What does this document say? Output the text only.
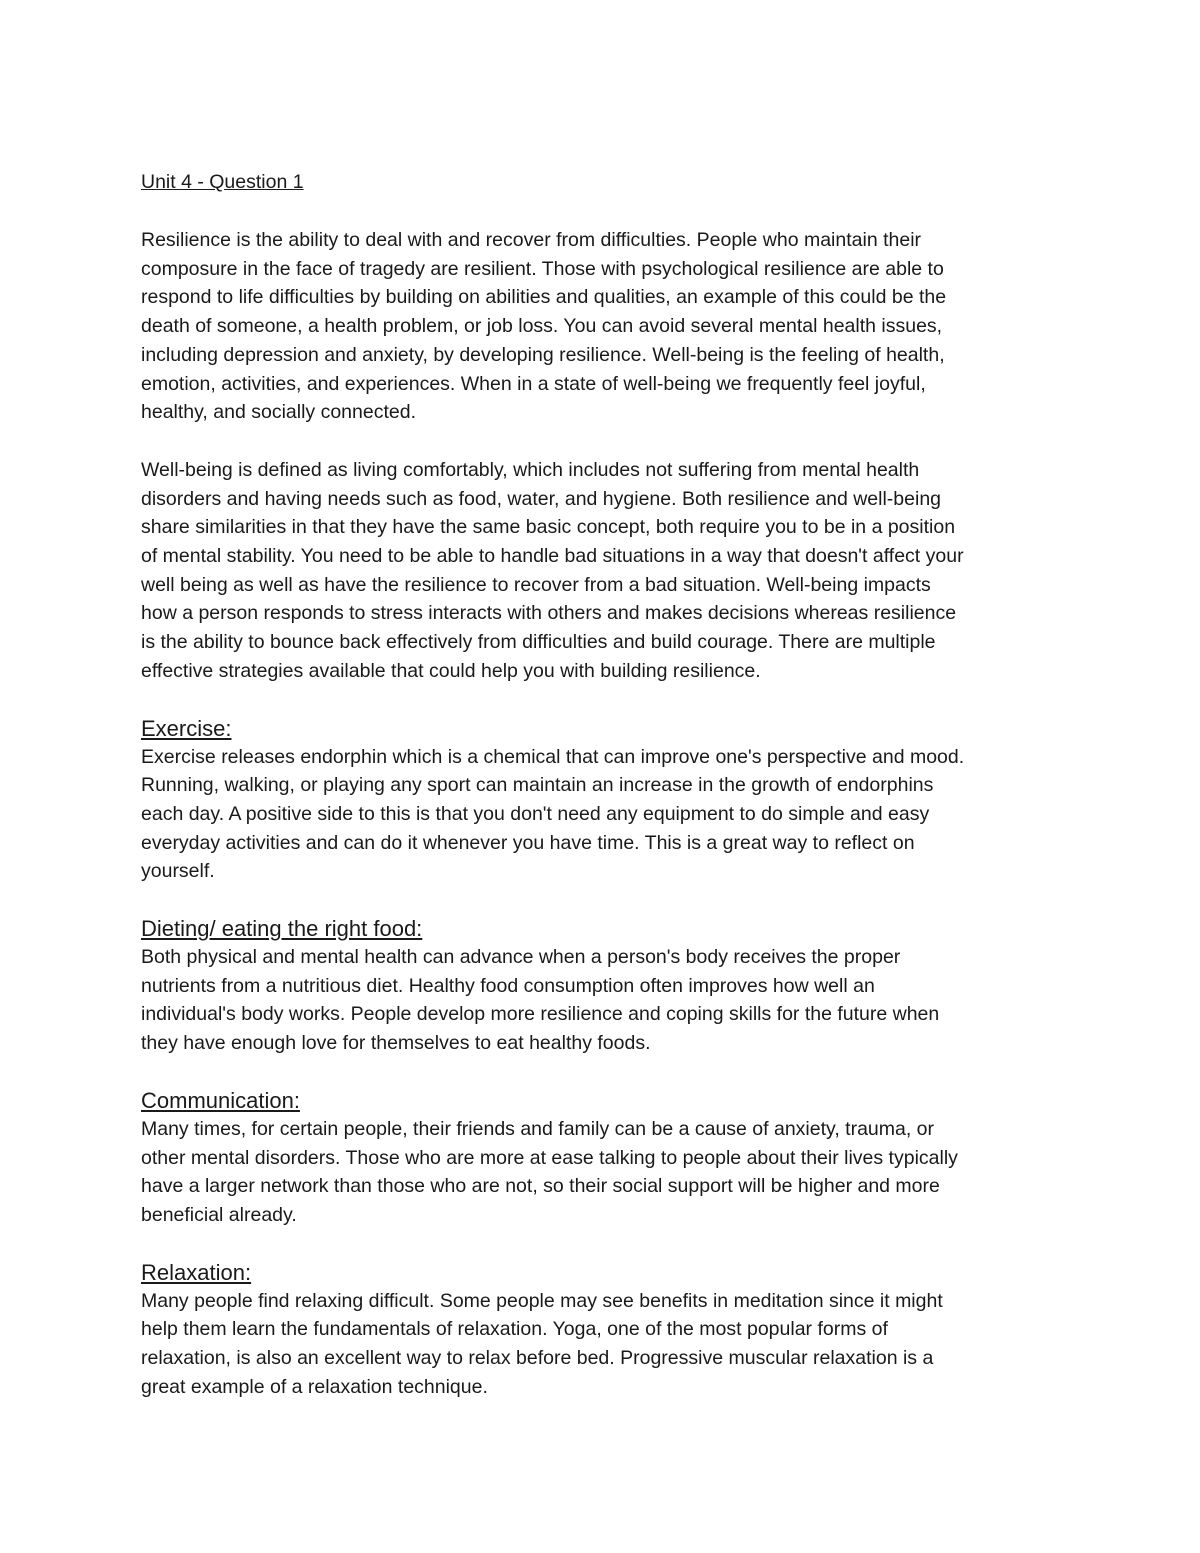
Unit 4 - Question 1

Resilience is the ability to deal with and recover from difficulties. People who maintain their
composure in the face of tragedy are resilient. Those with psychological resilience are able to
respond to life difficulties by building on abilities and qualities, an example of this could be the
death of someone, a health problem, or job loss. You can avoid several mental health issues,
including depression and anxiety, by developing resilience. Well-being is the feeling of health,
emotion, activities, and experiences. When in a state of well-being we frequently feel joyful,
healthy, and socially connected.

Well-being is defined as living comfortably, which includes not suffering from mental health
disorders and having needs such as food, water, and hygiene. Both resilience and well-being
share similarities in that they have the same basic concept, both require you to be in a position
of mental stability. You need to be able to handle bad situations in a way that doesn't affect your
well being as well as have the resilience to recover from a bad situation. Well-being impacts
how a person responds to stress interacts with others and makes decisions whereas resilience
is the ability to bounce back effectively from difficulties and build courage. There are multiple
effective strategies available that could help you with building resilience.

Exercise:

Exercise releases endorphin which is a chemical that can improve one's perspective and mood.
Running, walking, or playing any sport can maintain an increase in the growth of endorphins
each day. A positive side to this is that you don't need any equipment to do simple and easy
everyday activities and can do it whenever you have time. This is a great way to reflect on
yourself.

Dieting/ eating the right food:

Both physical and mental health can advance when a person's body receives the proper
nutrients from a nutritious diet. Healthy food consumption often improves how well an
individual's body works. People develop more resilience and coping skills for the future when
they have enough love for themselves to eat healthy foods.

Communication:

Many times, for certain people, their friends and family can be a cause of anxiety, trauma, or
other mental disorders. Those who are more at ease talking to people about their lives typically
have a larger network than those who are not, so their social support will be higher and more
beneficial already.

Relaxation:

Many people find relaxing difficult. Some people may see benefits in meditation since it might
help them learn the fundamentals of relaxation. Yoga, one of the most popular forms of
relaxation, is also an excellent way to relax before bed. Progressive muscular relaxation is a
great example of a relaxation technique.
